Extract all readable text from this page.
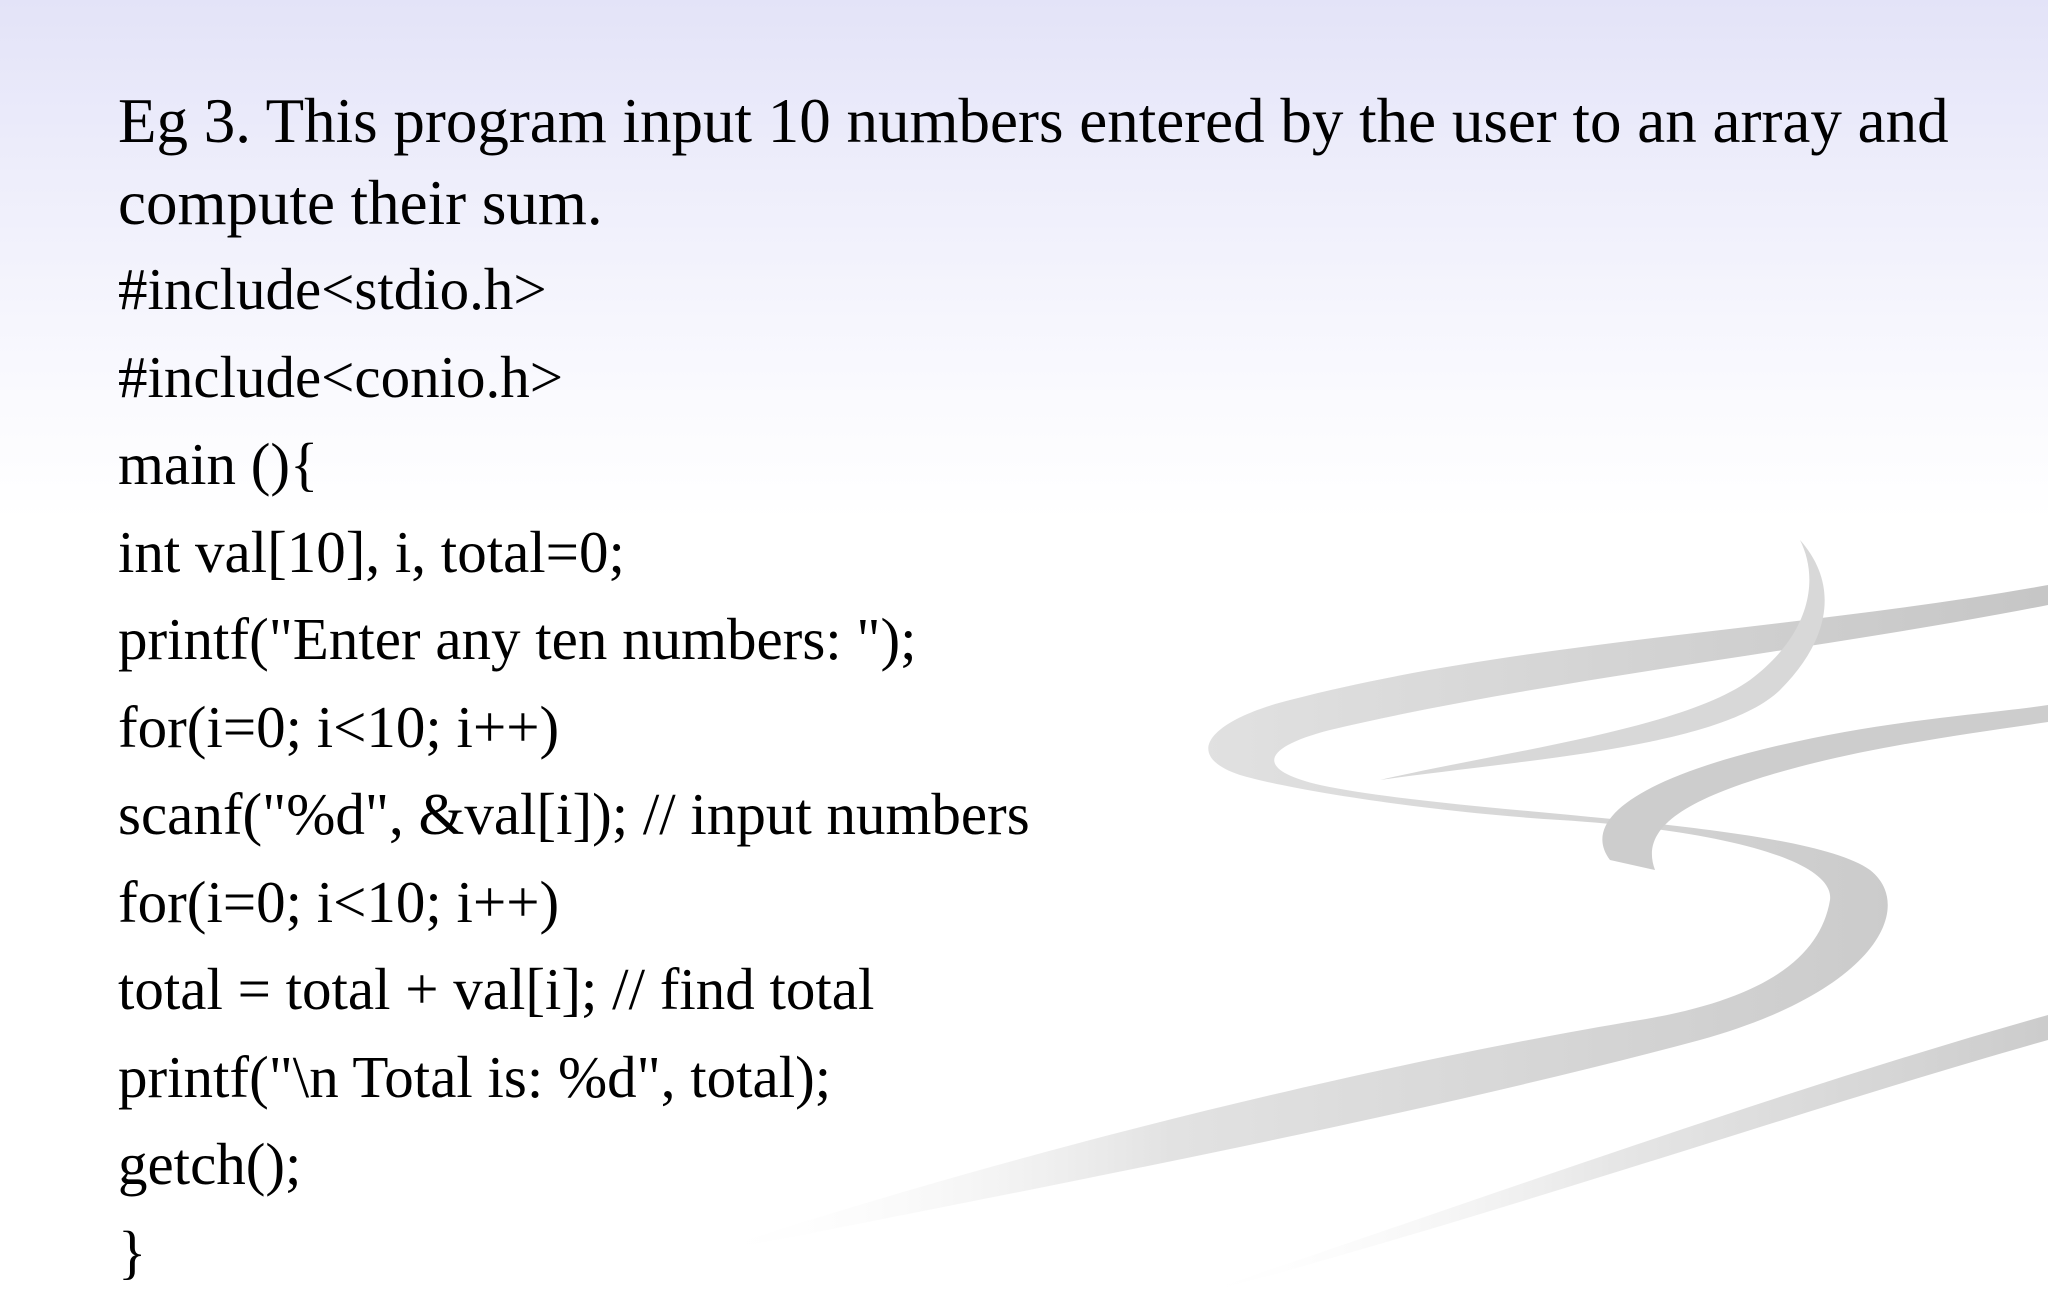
Eg 3. This program input 10 numbers entered by the user to an array and compute their sum.

#include<stdio.h>

#include<conio.h>

main (){

int val[10], i, total=0;

printf("Enter any ten numbers: ");

for(i=0; i<10; i++)

scanf("%d", &val[i]); // input numbers

for(i=0; i<10; i++)

total = total + val[i]; // find total

printf("\n Total is: %d", total);

getch();

}
